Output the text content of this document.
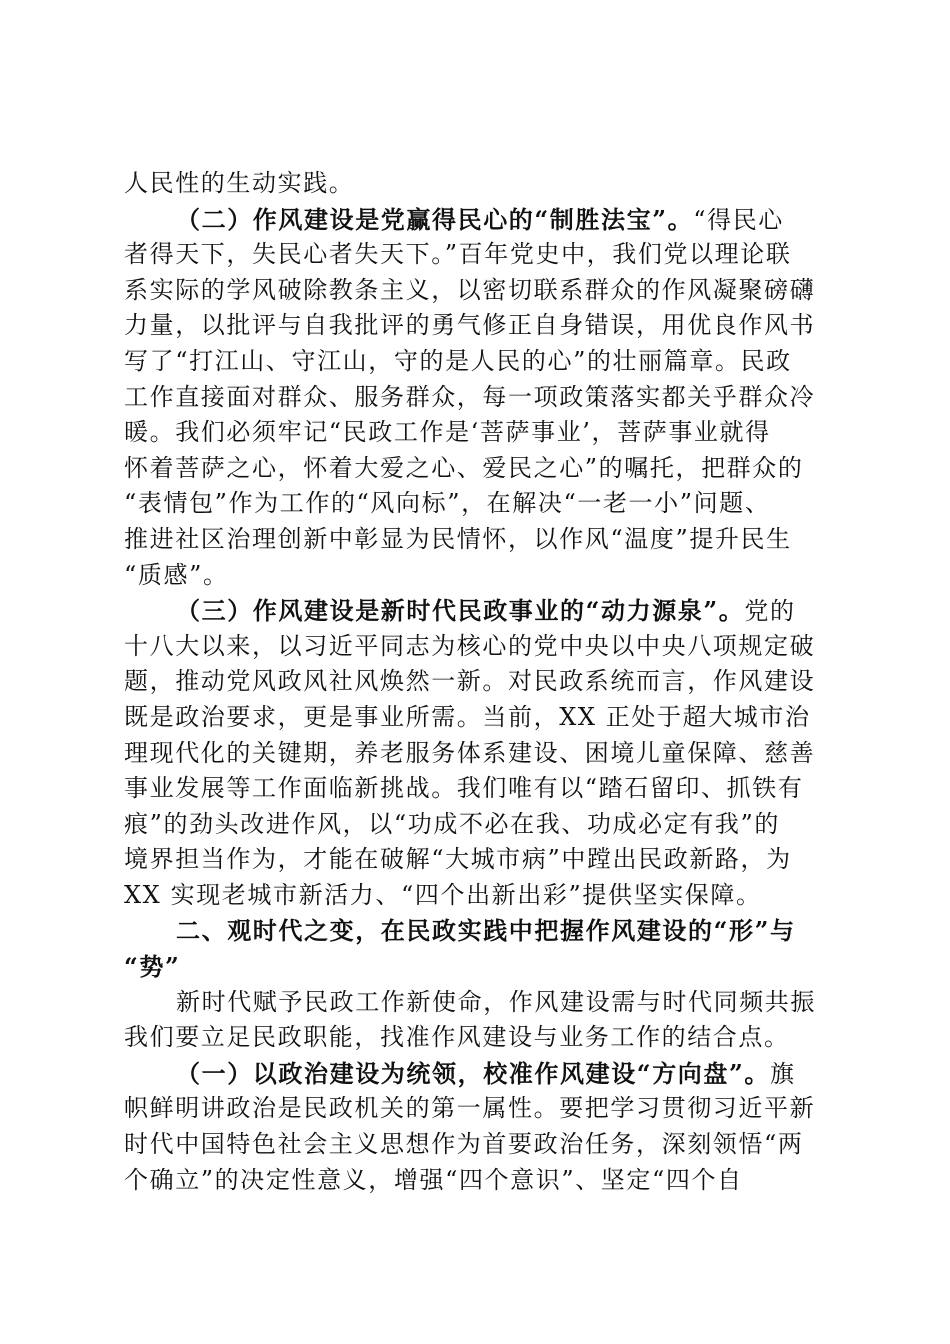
人民性的生动实践。
（二）作风建设是党赢得民心的“制胜法宝”。“得民心
者得天下，失民心者失天下。”百年党史中，我们党以理论联
系实际的学风破除教条主义，以密切联系群众的作风凝聚磅礴
力量，以批评与自我批评的勇气修正自身错误，用优良作风书
写了“打江山、守江山，守的是人民的心”的壮丽篇章。民政
工作直接面对群众、服务群众，每一项政策落实都关乎群众冷
暖。我们必须牢记“民政工作是‘菩萨事业’，菩萨事业就得
怀着菩萨之心，怀着大爱之心、爱民之心”的嘱托，把群众的
“表情包”作为工作的“风向标”，在解决“一老一小”问题、
推进社区治理创新中彰显为民情怀，以作风“温度”提升民生
“质感”。
（三）作风建设是新时代民政事业的“动力源泉”。党的
十八大以来，以习近平同志为核心的党中央以中央八项规定破
题，推动党风政风社风焕然一新。对民政系统而言，作风建设
既是政治要求，更是事业所需。当前，XX 正处于超大城市治
理现代化的关键期，养老服务体系建设、困境儿童保障、慈善
事业发展等工作面临新挑战。我们唯有以“踏石留印、抓铁有
痕”的劲头改进作风，以“功成不必在我、功成必定有我”的
境界担当作为，才能在破解“大城市病”中蹚出民政新路，为
XX 实现老城市新活力、“四个出新出彩”提供坚实保障。
二、观时代之变，在民政实践中把握作风建设的“形”与
“势”
新时代赋予民政工作新使命，作风建设需与时代同频共振
我们要立足民政职能，找准作风建设与业务工作的结合点。
（一）以政治建设为统领，校准作风建设“方向盘”。旗
帜鲜明讲政治是民政机关的第一属性。要把学习贯彻习近平新
时代中国特色社会主义思想作为首要政治任务，深刻领悟“两
个确立”的决定性意义，增强“四个意识”、坚定“四个自
